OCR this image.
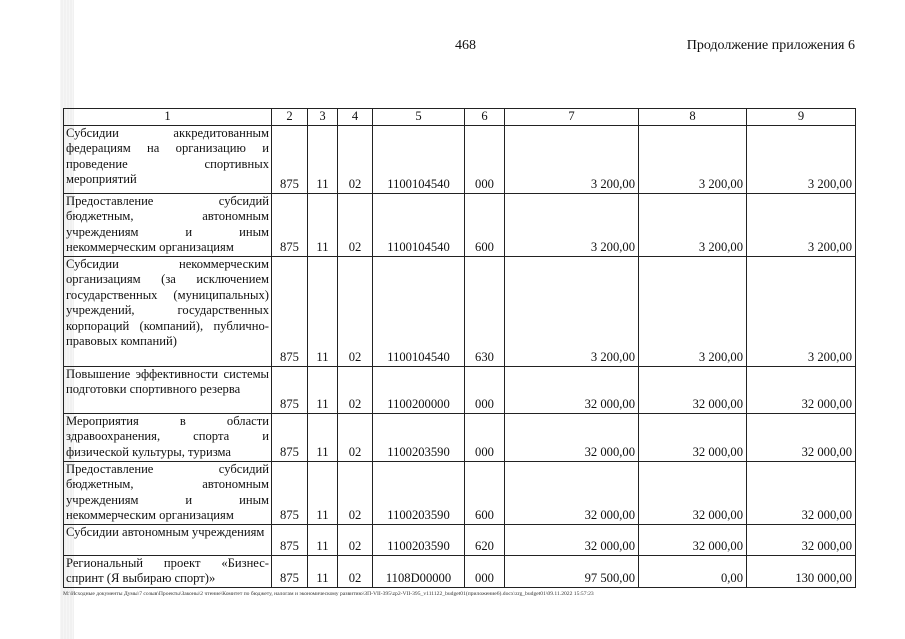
468	Продолжение приложения 6
1	2	3	4	5	6	7	8	9
Субсидии аккредитованным федерациям на организацию и проведение спортивных мероприятий	875	11	02	1100104540	000	3 200,00	3 200,00	3 200,00
Предоставление субсидий бюджетным, автономным учреждениям и иным некоммерческим организациям	875	11	02	1100104540	600	3 200,00	3 200,00	3 200,00
Субсидии некоммерческим организациям (за исключением государственных (муниципальных) учреждений, государственных корпораций (компаний), публично-правовых компаний)	875	11	02	1100104540	630	3 200,00	3 200,00	3 200,00
Повышение эффективности системы подготовки спортивного резерва	875	11	02	1100200000	000	32 000,00	32 000,00	32 000,00
Мероприятия в области здравоохранения, спорта и физической культуры, туризма	875	11	02	1100203590	000	32 000,00	32 000,00	32 000,00
Предоставление субсидий бюджетным, автономным учреждениям и иным некоммерческим организациям	875	11	02	1100203590	600	32 000,00	32 000,00	32 000,00
Субсидии автономным учреждениям	875	11	02	1100203590	620	32 000,00	32 000,00	32 000,00
Региональный проект «Бизнес-спринт (Я выбираю спорт)»	875	11	02	1108D00000	000	97 500,00	0,00	130 000,00
М:\Исходные документы Думы\7 созыв\Проекты\Законы\2 чтение\Комитет по бюджету, налогам и экономическому развитию\ЗП-VII-395\zp2-VII-395_v111122_budget01(приложение6).docx\zrg_budget01\09.11.2022 15:57:23
